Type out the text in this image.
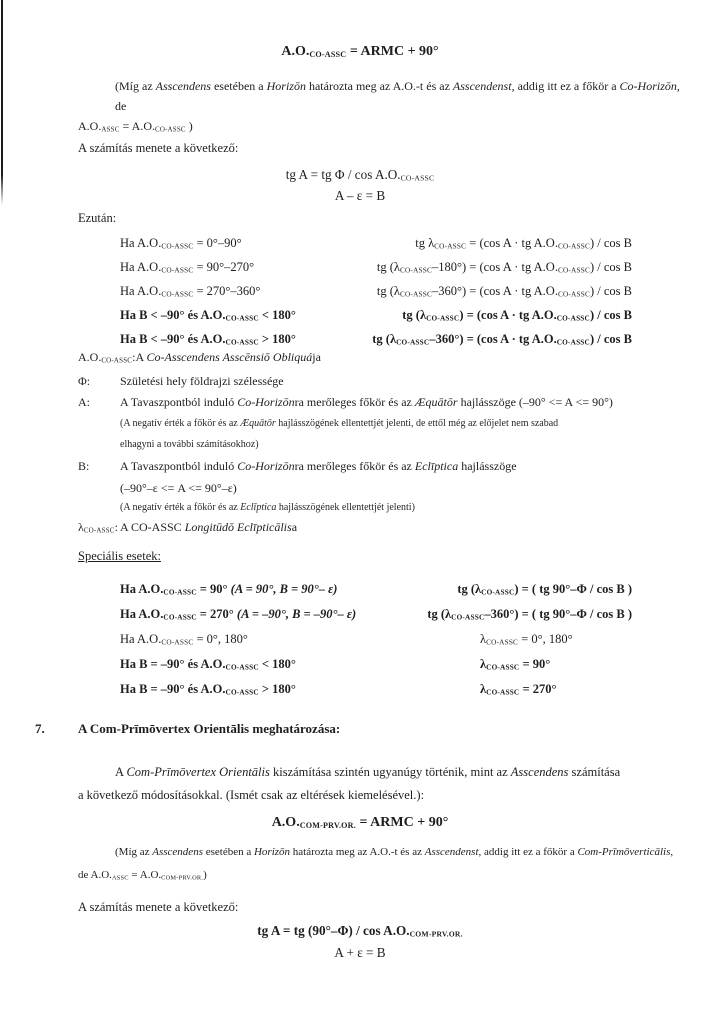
$A.O._{CO-ASSC}$ = ARMC + 90°
(Míg az Asscendens esetében a Horizōn határozta meg az A.O.-t és az Asscendenst, addig itt ez a főkör a Co-Horizōn, de
$A.O._{ASSC} = A.O._{CO-ASSC}$ )
A számítás menete a következő:
tg A = tg Φ / $\cos A.O._{CO-ASSC}$
A – ε = B
Ezután:
Ha $A.O._{CO-ASSC} = 0^\circ-90^\circ$	tg $\lambda_{CO-ASSC} = (\cos$ A · tg $A.O._{CO-ASSC}$) / cos B
Ha $A.O._{CO-ASSC} = 90^\circ-270^\circ$	tg $(\lambda_{CO-ASSC}-180^\circ) = (\cos$ A · tg $A.O._{CO-ASSC}$) / cos B
Ha $A.O._{CO-ASSC} = 270^\circ-360^\circ$	tg $(\lambda_{CO-ASSC}-360^\circ) = (\cos$ A · tg $A.O._{CO-ASSC}$) / cos B
Ha B < –90° és $A.O._{CO-ASSC} < 180^\circ$	tg $(\lambda_{CO-ASSC}) = (\cos$ A · tg $A.O._{CO-ASSC}$) / cos B
Ha B < –90° és $A.O._{CO-ASSC} > 180^\circ$	tg $(\lambda_{CO-ASSC}-360^\circ) = (\cos$ A · tg $A.O._{CO-ASSC}$) / cos B
$A.O._{CO-ASSC}$: A Co-Asscendens Asscēnsiō Obliquája
Φ:	Születési hely földrajzi szélessége
A:	A Tavaszpontból induló Co-Horizōnra merőleges főkör és az Æquātōr hajlásszöge (–90° <= A <= 90°)
(A negatív érték a főkör és az Æquātōr hajlásszögének ellentettjét jelenti, de ettől még az előjelet nem szabad
elhagyni a további számításokhoz)
B:	A Tavaszpontból induló Co-Horizōnra merőleges főkör és az Eclīptica hajlásszöge
(–90°–ε <= A <= 90°–ε)
(A negatív érték a főkör és az Eclīptica hajlásszögének ellentettjét jelenti)
$\lambda_{CO-ASSC}$: A CO-ASSC Longitūdō Eclīpticālisa
Speciális esetek:
Ha $A.O._{CO-ASSC} = 90^\circ$ (A = 90°, B = 90°– ε)	tg $(\lambda_{CO-ASSC})$ = ( tg 90°–Φ / cos B )
Ha $A.O._{CO-ASSC} = 270^\circ$ (A = –90°, B = –90°– ε)	tg $(\lambda_{CO-ASSC}-360^\circ)$ = ( tg 90°–Φ / cos B )
Ha $A.O._{CO-ASSC} = 0^\circ$, 180°	$\lambda_{CO-ASSC} = 0^\circ$, 180°
Ha B = –90° és $A.O._{CO-ASSC} < 180^\circ$	$\lambda_{CO-ASSC} = 90^\circ$
Ha B = –90° és $A.O._{CO-ASSC} > 180^\circ$	$\lambda_{CO-ASSC} = 270^\circ$
7.	A Com-Prīmōvertex Orientālis meghatározása:
A Com-Prīmōvertex Orientālis kiszámítása szintén ugyanúgy történik, mint az Asscendens számítása
a következő módosításokkal. (Ismét csak az eltérések kiemelésével.):
$A.O._{COM-PRV.OR.}$ = ARMC + 90°
(Míg az Asscendens esetében a Horizōn határozta meg az A.O.-t és az Asscendenst, addig itt ez a főkör a Com-Prīmōverticālis,
de $A.O._{ASSC} = A.O._{COM-PRV.OR.}$)
A számítás menete a következő:
tg A = tg $(90^\circ-\Phi) / \cos A.O._{COM-PRV.OR.}$
A + ε = B
